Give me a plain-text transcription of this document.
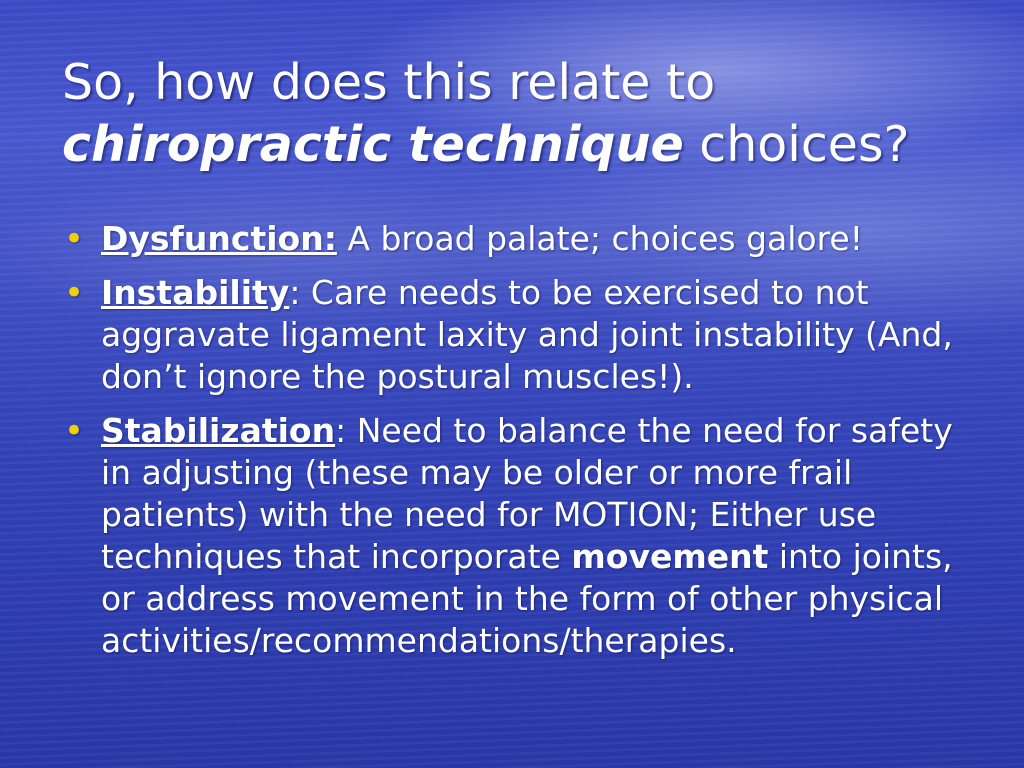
So, how does this relate to
chiropractic technique choices?
• Dysfunction: A broad palate; choices galore!
• Instability: Care needs to be exercised to not aggravate ligament laxity and joint instability (And, don’t ignore the postural muscles!).
• Stabilization: Need to balance the need for safety in adjusting (these may be older or more frail patients) with the need for MOTION; Either use techniques that incorporate movement into joints, or address movement in the form of other physical activities/recommendations/therapies.
